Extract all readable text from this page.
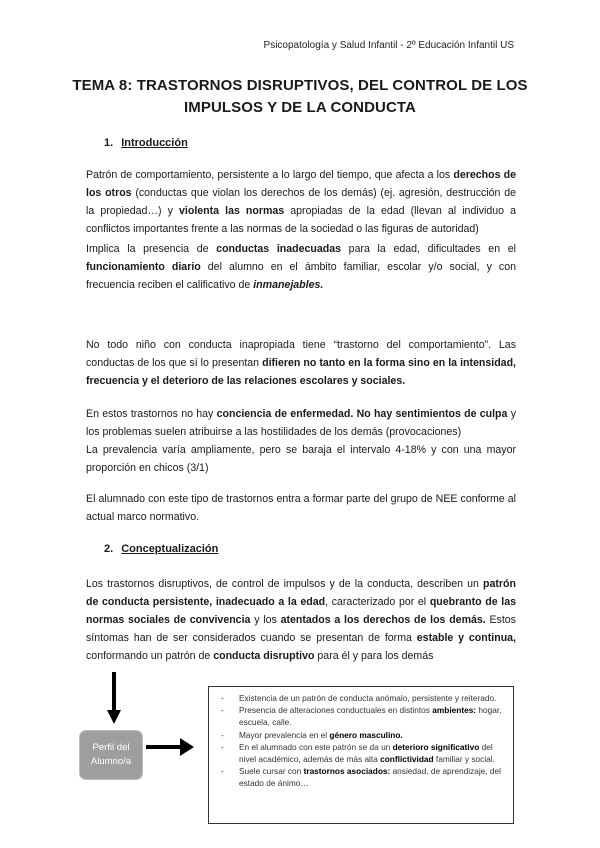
Psicopatología y Salud Infantil - 2º Educación Infantil US
TEMA 8: TRASTORNOS DISRUPTIVOS, DEL CONTROL DE LOS
IMPULSOS Y DE LA CONDUCTA
1. Introducción
Patrón de comportamiento, persistente a lo largo del tiempo, que afecta a los derechos de los otros (conductas que violan los derechos de los demás) (ej. agresión, destrucción de la propiedad…) y violenta las normas apropiadas de la edad (llevan al individuo a conflictos importantes frente a las normas de la sociedad o las figuras de autoridad)
Implica la presencia de conductas inadecuadas para la edad, dificultades en el funcionamiento diario del alumno en el ámbito familiar, escolar y/o social, y con frecuencia reciben el calificativo de inmanejables.
No todo niño con conducta inapropiada tiene “trastorno del comportamiento”. Las conductas de los que sí lo presentan difieren no tanto en la forma sino en la intensidad, frecuencia y el deterioro de las relaciones escolares y sociales.
En estos trastornos no hay conciencia de enfermedad. No hay sentimientos de culpa y los problemas suelen atribuirse a las hostilidades de los demás (provocaciones)
La prevalencia varía ampliamente, pero se baraja el intervalo 4-18% y con una mayor proporción en chicos (3/1)
El alumnado con este tipo de trastornos entra a formar parte del grupo de NEE conforme al actual marco normativo.
2. Conceptualización
Los trastornos disruptivos, de control de impulsos y de la conducta, describen un patrón de conducta persistente, inadecuado a la edad, caracterizado por el quebranto de las normas sociales de convivencia y los atentados a los derechos de los demás. Estos síntomas han de ser considerados cuando se presentan de forma estable y continua, conformando un patrón de conducta disruptivo para él y para los demás
Perfil del
Alumno/a
- Existencia de un patrón de conducta anómalo, persistente y reiterado.
- Presencia de alteraciones conductuales en distintos ambientes: hogar, escuela, calle.
- Mayor prevalencia en el género masculino.
- En el alumnado con este patrón se da un deterioro significativo del nivel académico, además de más alta conflictividad familiar y social.
- Suele cursar con trastornos asociados: ansiedad, de aprendizaje, del estado de ánimo…
